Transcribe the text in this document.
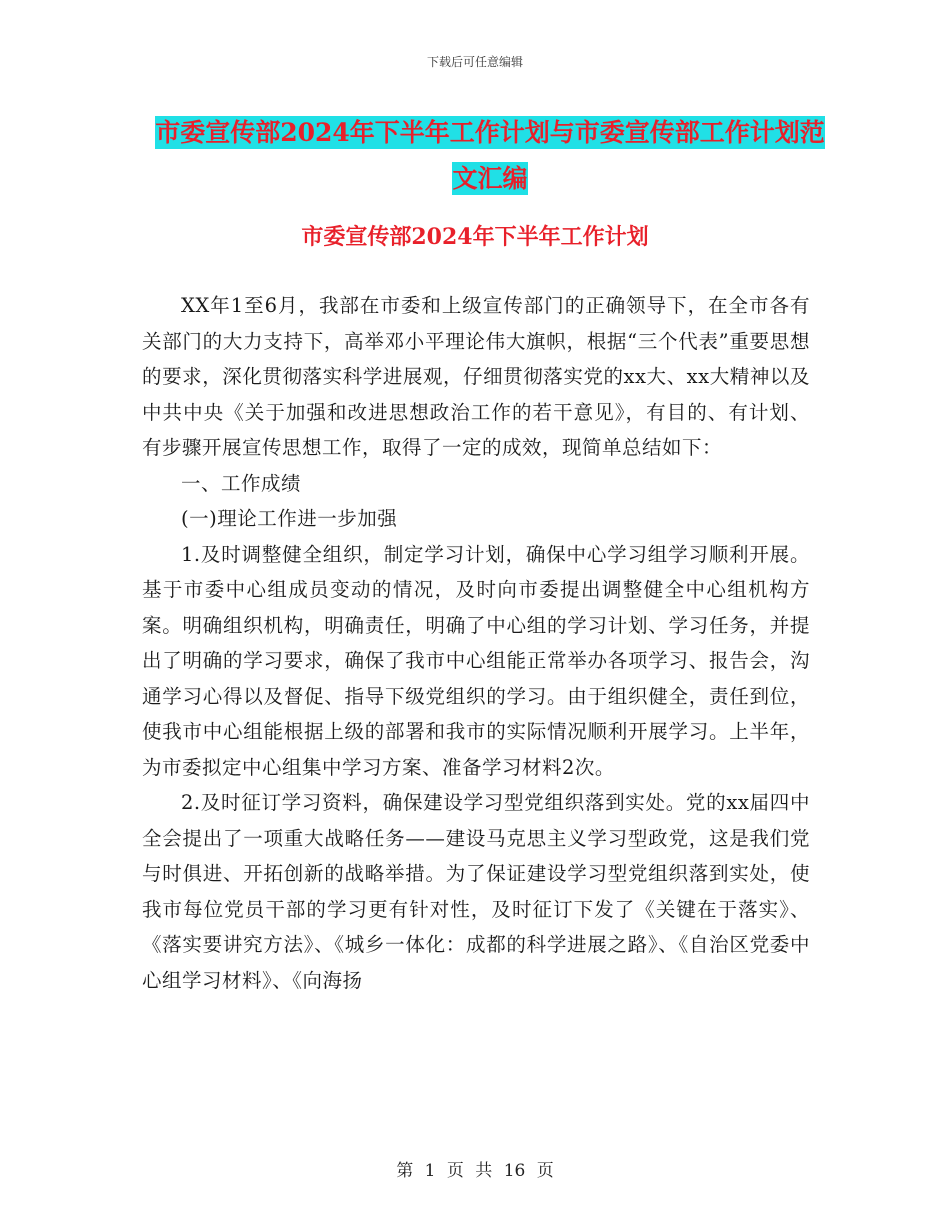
下载后可任意编辑
市委宣传部2024年下半年工作计划与市委宣传部工作计划范文汇编
市委宣传部2024年下半年工作计划

XX年1至6月，我部在市委和上级宣传部门的正确领导下，在全市各有关部门的大力支持下，高举邓小平理论伟大旗帜，根据“三个代表”重要思想的要求，深化贯彻落实科学进展观，仔细贯彻落实党的xx大、xx大精神以及中共中央《关于加强和改进思想政治工作的若干意见》，有目的、有计划、有步骤开展宣传思想工作，取得了一定的成效，现简单总结如下：

一、工作成绩

(一)理论工作进一步加强

1.及时调整健全组织，制定学习计划，确保中心学习组学习顺利开展。基于市委中心组成员变动的情况，及时向市委提出调整健全中心组机构方案。明确组织机构，明确责任，明确了中心组的学习计划、学习任务，并提出了明确的学习要求，确保了我市中心组能正常举办各项学习、报告会，沟通学习心得以及督促、指导下级党组织的学习。由于组织健全，责任到位，使我市中心组能根据上级的部署和我市的实际情况顺利开展学习。上半年，为市委拟定中心组集中学习方案、准备学习材料2次。

2.及时征订学习资料，确保建设学习型党组织落到实处。党的xx届四中全会提出了一项重大战略任务——建设马克思主义学习型政党，这是我们党与时俱进、开拓创新的战略举措。为了保证建设学习型党组织落到实处，使我市每位党员干部的学习更有针对性，及时征订下发了《关键在于落实》、《落实要讲究方法》、《城乡一体化：成都的科学进展之路》、《自治区党委中心组学习材料》、《向海扬

第 1 页 共 16 页
